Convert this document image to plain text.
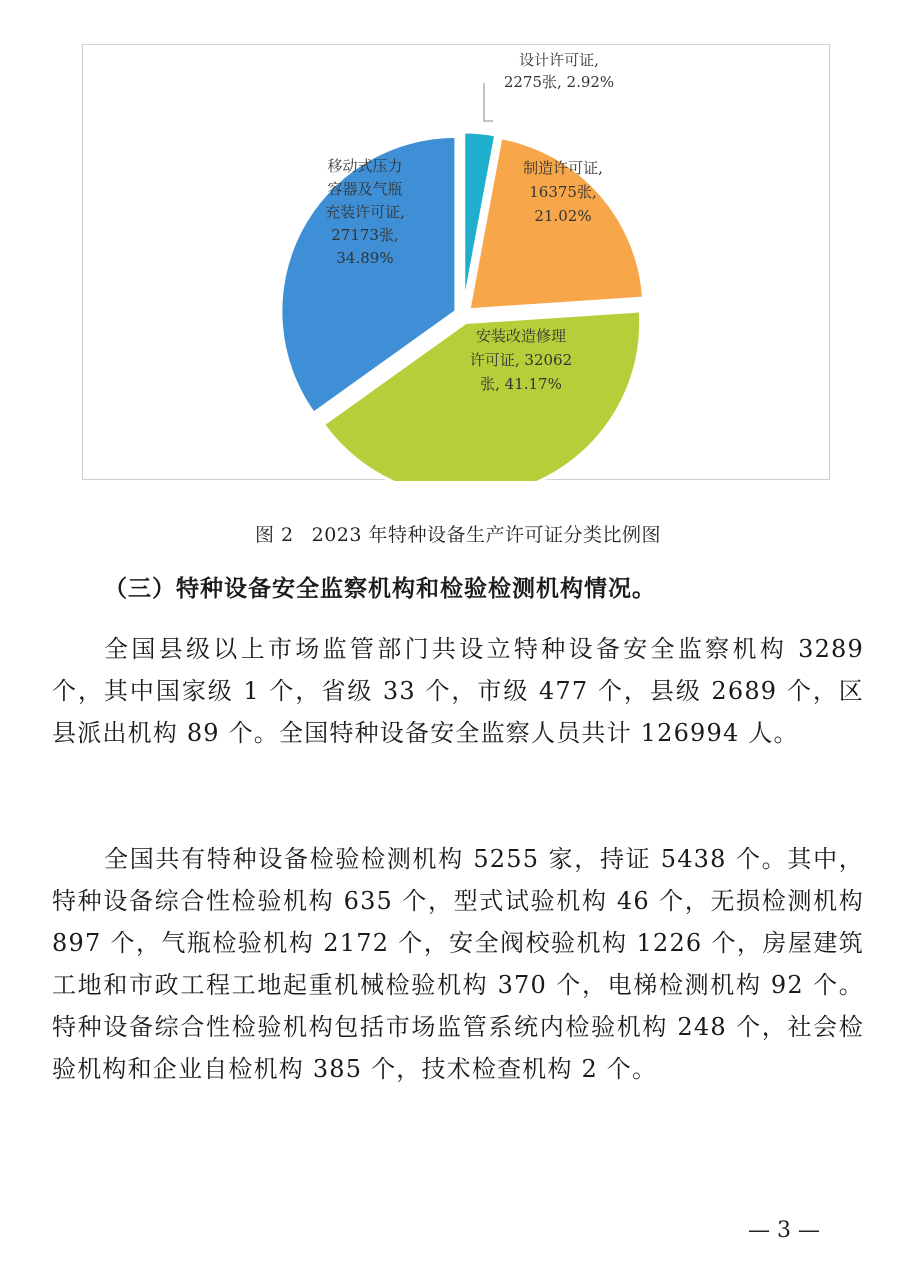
设计许可证, 2275张, 2.92%
制造许可证, 16375张, 21.02%
安装改造修理许可证, 32062 张, 41.17%
移动式压力容器及气瓶充装许可证, 27173张, 34.89%
图 2 2023 年特种设备生产许可证分类比例图
（三）特种设备安全监察机构和检验检测机构情况。

全国县级以上市场监管部门共设立特种设备安全监察机构 3289 个，其中国家级 1 个，省级 33 个，市级 477 个，县级 2689 个，区县派出机构 89 个。全国特种设备安全监察人员共计 126994 人。

全国共有特种设备检验检测机构 5255 家，持证 5438 个。其中，特种设备综合性检验机构 635 个，型式试验机构 46 个，无损检测机构 897 个，气瓶检验机构 2172 个，安全阀校验机构 1226 个，房屋建筑工地和市政工程工地起重机械检验机构 370 个，电梯检测机构 92 个。特种设备综合性检验机构包括市场监管系统内检验机构 248 个，社会检验机构和企业自检机构 385 个，技术检查机构 2 个。

— 3 —
